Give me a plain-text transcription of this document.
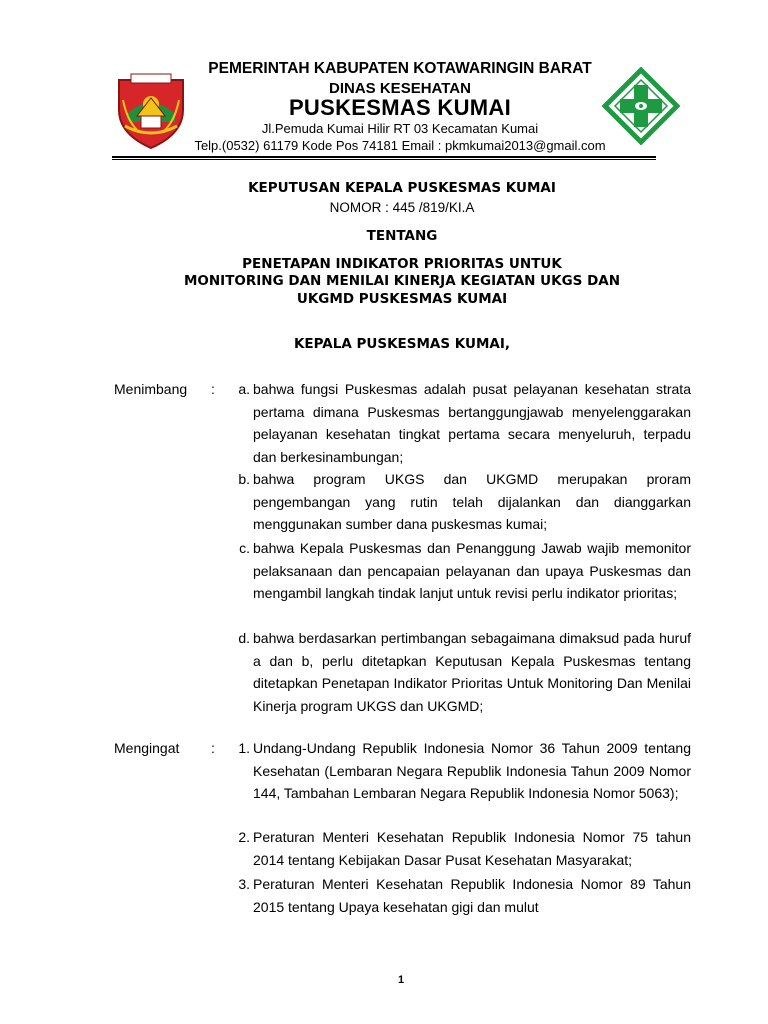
PEMERINTAH KABUPATEN KOTAWARINGIN BARAT
DINAS KESEHATAN
PUSKESMAS KUMAI
Jl.Pemuda Kumai Hilir RT 03 Kecamatan Kumai
Telp.(0532) 61179 Kode Pos 74181 Email : pkmkumai2013@gmail.com
KEPUTUSAN KEPALA PUSKESMAS KUMAI
NOMOR : 445 /819/KI.A
TENTANG
PENETAPAN INDIKATOR PRIORITAS UNTUK
MONITORING DAN MENILAI KINERJA KEGIATAN UKGS DAN
UKGMD PUSKESMAS KUMAI
KEPALA PUSKESMAS KUMAI,
Menimbang :	a. bahwa fungsi Puskesmas adalah pusat pelayanan kesehatan strata pertama dimana Puskesmas bertanggungjawab menyelenggarakan pelayanan kesehatan tingkat pertama secara menyeluruh, terpadu dan berkesinambungan;
b. bahwa program UKGS dan UKGMD merupakan proram pengembangan yang rutin telah dijalankan dan dianggarkan menggunakan sumber dana puskesmas kumai;
c. bahwa Kepala Puskesmas dan Penanggung Jawab wajib memonitor pelaksanaan dan pencapaian pelayanan dan upaya Puskesmas dan mengambil langkah tindak lanjut untuk revisi perlu indikator prioritas;
d. bahwa berdasarkan pertimbangan sebagaimana dimaksud pada huruf a dan b, perlu ditetapkan Keputusan Kepala Puskesmas tentang ditetapkan Penetapan Indikator Prioritas Untuk Monitoring Dan Menilai Kinerja program UKGS dan UKGMD;
Mengingat :	1. Undang-Undang Republik Indonesia Nomor 36 Tahun 2009 tentang Kesehatan (Lembaran Negara Republik Indonesia Tahun 2009 Nomor 144, Tambahan Lembaran Negara Republik Indonesia Nomor 5063);
2. Peraturan Menteri Kesehatan Republik Indonesia Nomor 75 tahun 2014 tentang Kebijakan Dasar Pusat Kesehatan Masyarakat;
3. Peraturan Menteri Kesehatan Republik Indonesia Nomor 89 Tahun 2015 tentang Upaya kesehatan gigi dan mulut
1
